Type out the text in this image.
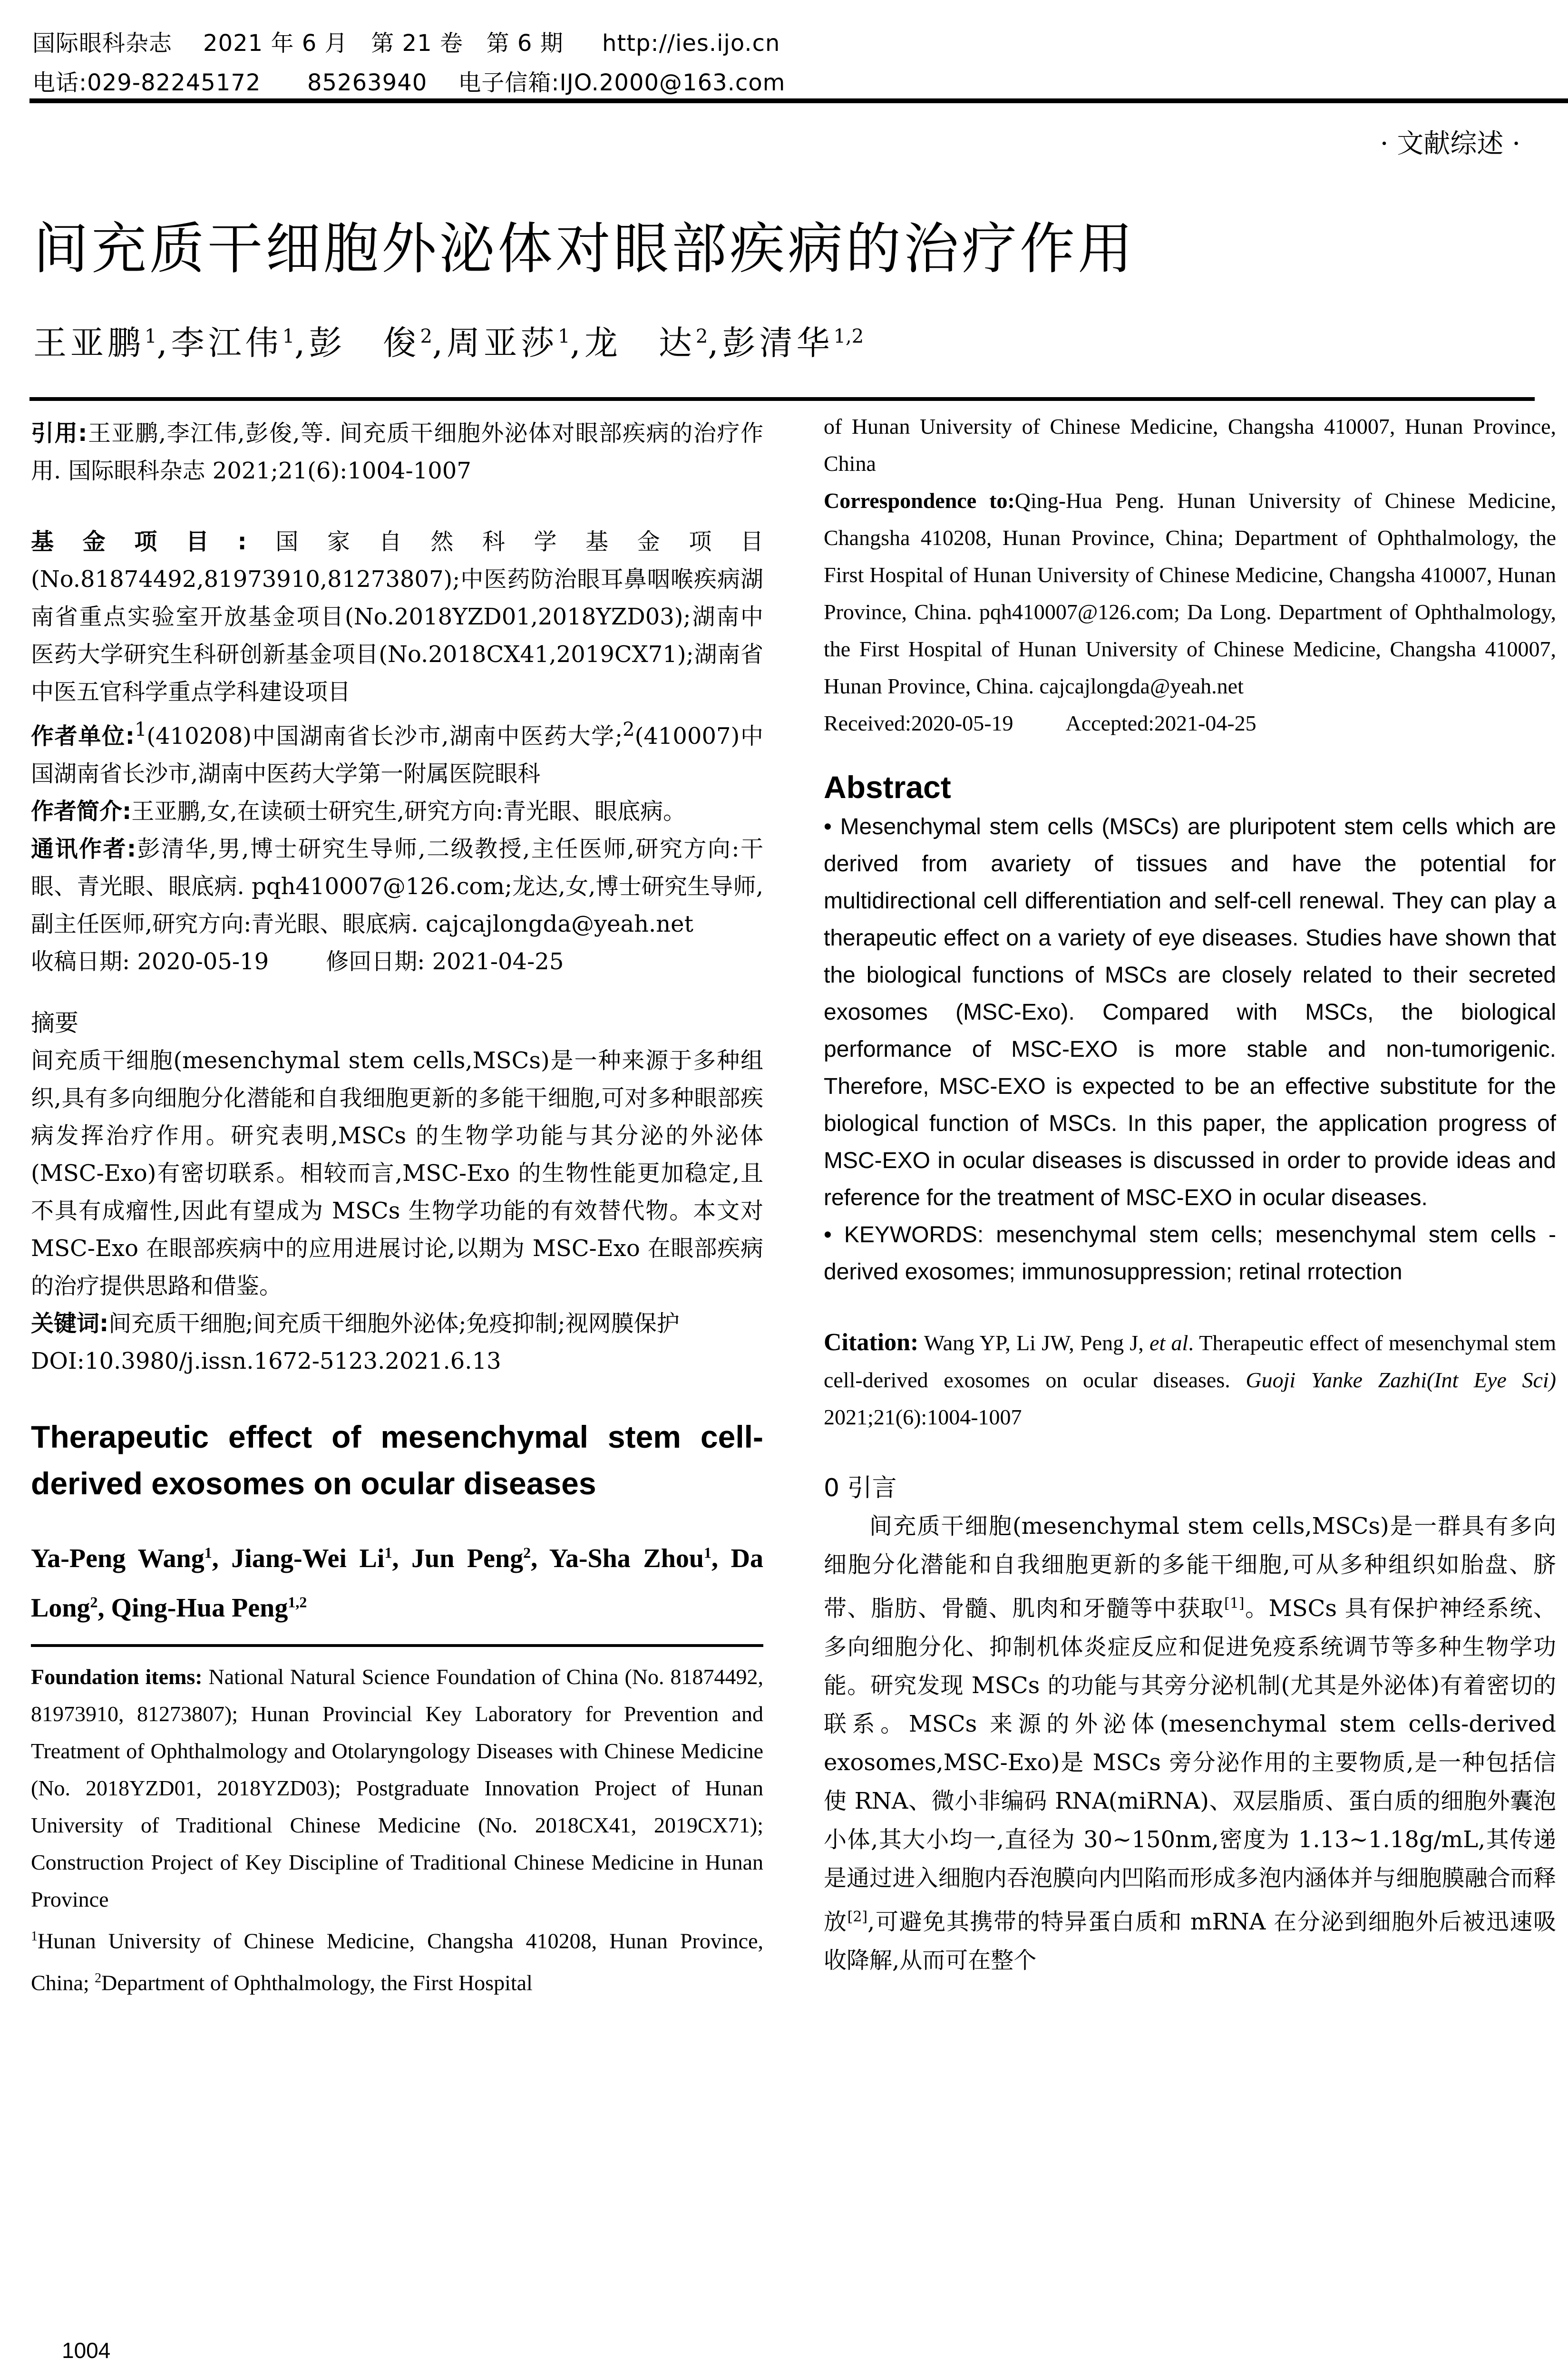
国际眼科杂志    2021 年 6 月   第 21 卷   第 6 期     http://ies.ijo.cn
电话:029-82245172      85263940    电子信箱:IJO.2000@163.com
· 文献综述 ·
间充质干细胞外泌体对眼部疾病的治疗作用
王亚鹏$^1$,李江伟$^1$,彭　俊$^2$,周亚莎$^1$,龙　达$^2$,彭清华$^{1,2}$

引用:王亚鹏,李江伟,彭俊,等. 间充质干细胞外泌体对眼部疾病的治疗作用. 国际眼科杂志 2021;21(6):1004-1007

基金项目:国家自然科学基金项目(No.81874492,81973910,81273807);中医药防治眼耳鼻咽喉疾病湖南省重点实验室开放基金项目(No.2018YZD01,2018YZD03);湖南中医药大学研究生科研创新基金项目(No.2018CX41,2019CX71);湖南省中医五官科学重点学科建设项目

作者单位:$^1$(410208)中国湖南省长沙市,湖南中医药大学;$^2$(410007)中国湖南省长沙市,湖南中医药大学第一附属医院眼科

作者简介:王亚鹏,女,在读硕士研究生,研究方向:青光眼、眼底病。

通讯作者:彭清华,男,博士研究生导师,二级教授,主任医师,研究方向:干眼、青光眼、眼底病. pqh410007@126.com;龙达,女,博士研究生导师,副主任医师,研究方向:青光眼、眼底病. cajcajlongda@yeah.net

收稿日期: 2020-05-19	修回日期: 2021-04-25

摘要

间充质干细胞(mesenchymal stem cells,MSCs)是一种来源于多种组织,具有多向细胞分化潜能和自我细胞更新的多能干细胞,可对多种眼部疾病发挥治疗作用。研究表明,MSCs 的生物学功能与其分泌的外泌体(MSC-Exo)有密切联系。相较而言,MSC-Exo 的生物性能更加稳定,且不具有成瘤性,因此有望成为 MSCs 生物学功能的有效替代物。本文对 MSC-Exo 在眼部疾病中的应用进展讨论,以期为 MSC-Exo 在眼部疾病的治疗提供思路和借鉴。

关键词:间充质干细胞;间充质干细胞外泌体;免疫抑制;视网膜保护

DOI:10.3980/j.issn.1672-5123.2021.6.13

Therapeutic effect of mesenchymal stem cell-derived exosomes on ocular diseases

Ya-Peng Wang$^1$, Jiang-Wei Li$^1$, Jun Peng$^2$, Ya-Sha Zhou$^1$, Da Long$^2$, Qing-Hua Peng$^{1,2}$

Foundation items: National Natural Science Foundation of China (No. 81874492, 81973910, 81273807); Hunan Provincial Key Laboratory for Prevention and Treatment of Ophthalmology and Otolaryngology Diseases with Chinese Medicine (No. 2018YZD01, 2018YZD03); Postgraduate Innovation Project of Hunan University of Traditional Chinese Medicine (No. 2018CX41, 2019CX71); Construction Project of Key Discipline of Traditional Chinese Medicine in Hunan Province

$^1$Hunan University of Chinese Medicine, Changsha 410208, Hunan Province, China; $^2$Department of Ophthalmology, the First Hospital

of Hunan University of Chinese Medicine, Changsha 410007, Hunan Province, China

Correspondence to:Qing-Hua Peng. Hunan University of Chinese Medicine, Changsha 410208, Hunan Province, China; Department of Ophthalmology, the First Hospital of Hunan University of Chinese Medicine, Changsha 410007, Hunan Province, China. pqh410007@126.com; Da Long. Department of Ophthalmology, the First Hospital of Hunan University of Chinese Medicine, Changsha 410007, Hunan Province, China. cajcajlongda@yeah.net

Received:2020-05-19 Accepted:2021-04-25

Abstract

• Mesenchymal stem cells (MSCs) are pluripotent stem cells which are derived from avariety of tissues and have the potential for multidirectional cell differentiation and self-cell renewal. They can play a therapeutic effect on a variety of eye diseases. Studies have shown that the biological functions of MSCs are closely related to their secreted exosomes (MSC-Exo). Compared with MSCs, the biological performance of MSC-EXO is more stable and non-tumorigenic. Therefore, MSC-EXO is expected to be an effective substitute for the biological function of MSCs. In this paper, the application progress of MSC-EXO in ocular diseases is discussed in order to provide ideas and reference for the treatment of MSC-EXO in ocular diseases.

• KEYWORDS: mesenchymal stem cells; mesenchymal stem cells - derived exosomes; immunosuppression; retinal rrotection

Citation: Wang YP, Li JW, Peng J, et al. Therapeutic effect of mesenchymal stem cell-derived exosomes on ocular diseases. Guoji Yanke Zazhi(Int Eye Sci) 2021;21(6):1004-1007

0 引言

间充质干细胞(mesenchymal stem cells,MSCs)是一群具有多向细胞分化潜能和自我细胞更新的多能干细胞,可从多种组织如胎盘、脐带、脂肪、骨髓、肌肉和牙髓等中获取[1]。MSCs 具有保护神经系统、多向细胞分化、抑制机体炎症反应和促进免疫系统调节等多种生物学功能。研究发现 MSCs 的功能与其旁分泌机制(尤其是外泌体)有着密切的联系。MSCs 来源的外泌体(mesenchymal stem cells-derived exosomes,MSC-Exo)是 MSCs 旁分泌作用的主要物质,是一种包括信使 RNA、微小非编码 RNA(miRNA)、双层脂质、蛋白质的细胞外囊泡小体,其大小均一,直径为 30~150nm,密度为 1.13~1.18g/mL,其传递是通过进入细胞内吞泡膜向内凹陷而形成多泡内涵体并与细胞膜融合而释放[2],可避免其携带的特异蛋白质和 mRNA 在分泌到细胞外后被迅速吸收降解,从而可在整个

1004
